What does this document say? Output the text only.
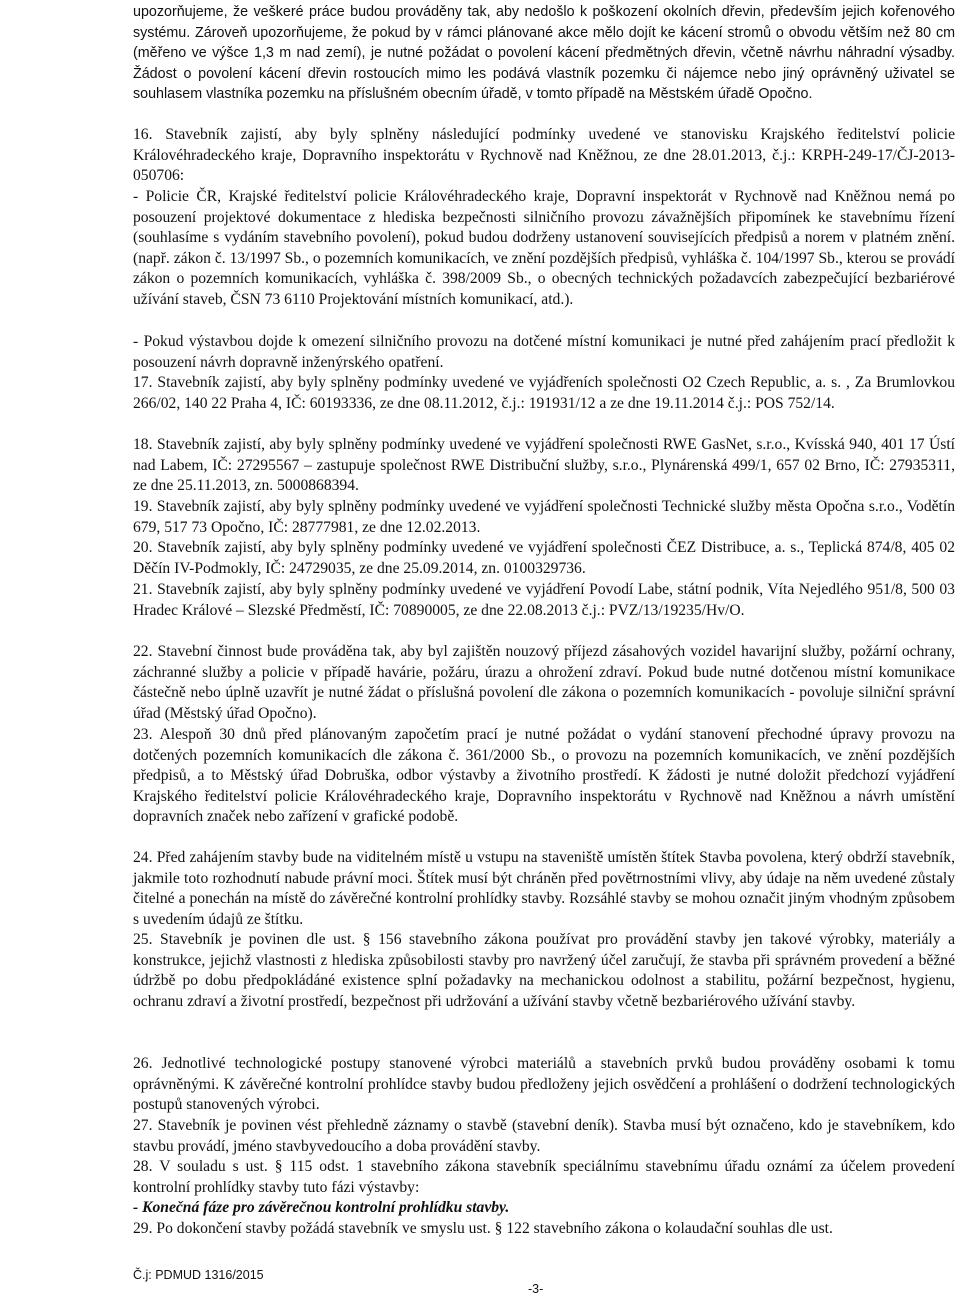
upozorňujeme, že veškeré práce budou prováděny tak, aby nedošlo k poškození okolních dřevin, především jejich kořenového systému. Zároveň upozorňujeme, že pokud by v rámci plánované akce mělo dojít ke kácení stromů o obvodu větším než 80 cm (měřeno ve výšce 1,3 m nad zemí), je nutné požádat o povolení kácení předmětných dřevin, včetně návrhu náhradní výsadby. Žádost o povolení kácení dřevin rostoucích mimo les podává vlastník pozemku či nájemce nebo jiný oprávněný uživatel se souhlasem vlastníka pozemku na příslušném obecním úřadě, v tomto případě na Městském úřadě Opočno.

16. Stavebník zajistí, aby byly splněny následující podmínky uvedené ve stanovisku Krajského ředitelství policie Královéhradeckého kraje, Dopravního inspektorátu v Rychnově nad Kněžnou, ze dne 28.01.2013, č.j.: KRPH-249-17/ČJ-2013-050706:

- Policie ČR, Krajské ředitelství policie Královéhradeckého kraje, Dopravní inspektorát v Rychnově nad Kněžnou nemá po posouzení projektové dokumentace z hlediska bezpečnosti silničního provozu závažnějších připomínek ke stavebnímu řízení (souhlasíme s vydáním stavebního povolení), pokud budou dodrženy ustanovení souvisejících předpisů a norem v platném znění. (např. zákon č. 13/1997 Sb., o pozemních komunikacích, ve znění pozdějších předpisů, vyhláška č. 104/1997 Sb., kterou se provádí zákon o pozemních komunikacích, vyhláška č. 398/2009 Sb., o obecných technických požadavcích zabezpečující bezbariérové užívání staveb, ČSN 73 6110 Projektování místních komunikací, atd.).

- Pokud výstavbou dojde k omezení silničního provozu na dotčené místní komunikaci je nutné před zahájením prací předložit k posouzení návrh dopravně inženýrského opatření.

17. Stavebník zajistí, aby byly splněny podmínky uvedené ve vyjádřeních společnosti O2 Czech Republic, a. s. , Za Brumlovkou 266/02, 140 22 Praha 4, IČ: 60193336, ze dne 08.11.2012, č.j.: 191931/12 a ze dne 19.11.2014 č.j.: POS 752/14.

18. Stavebník zajistí, aby byly splněny podmínky uvedené ve vyjádření společnosti RWE GasNet, s.r.o., Kvísská 940, 401 17 Ústí nad Labem, IČ: 27295567 – zastupuje společnost RWE Distribuční služby, s.r.o., Plynárenská 499/1, 657 02 Brno, IČ: 27935311, ze dne 25.11.2013, zn. 5000868394.

19. Stavebník zajistí, aby byly splněny podmínky uvedené ve vyjádření společnosti Technické služby města Opočna s.r.o., Vodětín 679, 517 73 Opočno, IČ: 28777981, ze dne 12.02.2013.

20. Stavebník zajistí, aby byly splněny podmínky uvedené ve vyjádření společnosti ČEZ Distribuce, a. s., Teplická 874/8, 405 02 Děčín IV-Podmokly, IČ: 24729035, ze dne 25.09.2014, zn. 0100329736.

21. Stavebník zajistí, aby byly splněny podmínky uvedené ve vyjádření Povodí Labe, státní podnik, Víta Nejedlého 951/8, 500 03 Hradec Králové – Slezské Předměstí, IČ: 70890005, ze dne 22.08.2013 č.j.: PVZ/13/19235/Hv/O.

22. Stavební činnost bude prováděna tak, aby byl zajištěn nouzový příjezd zásahových vozidel havarijní služby, požární ochrany, záchranné služby a policie v případě havárie, požáru, úrazu a ohrožení zdraví. Pokud bude nutné dotčenou místní komunikace částečně nebo úplně uzavřít je nutné žádat o příslušná povolení dle zákona o pozemních komunikacích - povoluje silniční správní úřad (Městský úřad Opočno).

23. Alespoň 30 dnů před plánovaným započetím prací je nutné požádat o vydání stanovení přechodné úpravy provozu na dotčených pozemních komunikacích dle zákona č. 361/2000 Sb., o provozu na pozemních komunikacích, ve znění pozdějších předpisů, a to Městský úřad Dobruška, odbor výstavby a životního prostředí. K žádosti je nutné doložit předchozí vyjádření Krajského ředitelství policie Královéhradeckého kraje, Dopravního inspektorátu v Rychnově nad Kněžnou a návrh umístění dopravních značek nebo zařízení v grafické podobě.

24. Před zahájením stavby bude na viditelném místě u vstupu na staveniště umístěn štítek Stavba povolena, který obdrží stavebník, jakmile toto rozhodnutí nabude právní moci. Štítek musí být chráněn před povětrnostními vlivy, aby údaje na něm uvedené zůstaly čitelné a ponechán na místě do závěrečné kontrolní prohlídky stavby. Rozsáhlé stavby se mohou označit jiným vhodným způsobem s uvedením údajů ze štítku.

25. Stavebník je povinen dle ust. § 156 stavebního zákona používat pro provádění stavby jen takové výrobky, materiály a konstrukce, jejichž vlastnosti z hlediska způsobilosti stavby pro navržený účel zaručují, že stavba při správném provedení a běžné údržbě po dobu předpokládáné existence splní požadavky na mechanickou odolnost a stabilitu, požární bezpečnost, hygienu, ochranu zdraví a životní prostředí, bezpečnost při udržování a užívání stavby včetně bezbariérového užívání stavby.

26. Jednotlivé technologické postupy stanovené výrobci materiálů a stavebních prvků budou prováděny osobami k tomu oprávněnými. K závěrečné kontrolní prohlídce stavby budou předloženy jejich osvědčení a prohlášení o dodržení technologických postupů stanovených výrobci.

27. Stavebník je povinen vést přehledně záznamy o stavbě (stavební deník). Stavba musí být označeno, kdo je stavebníkem, kdo stavbu provádí, jméno stavbyvedoucího a doba provádění stavby.

28. V souladu s ust. § 115 odst. 1 stavebního zákona stavebník speciálnímu stavebnímu úřadu oznámí za účelem provedení kontrolní prohlídky stavby tuto fázi výstavby:

- Konečná fáze pro závěrečnou kontrolní prohlídku stavby.

29. Po dokončení stavby požádá stavebník ve smyslu ust. § 122 stavebního zákona o kolaudační souhlas dle ust.

Č.j: PDMUD 1316/2015
-3-
